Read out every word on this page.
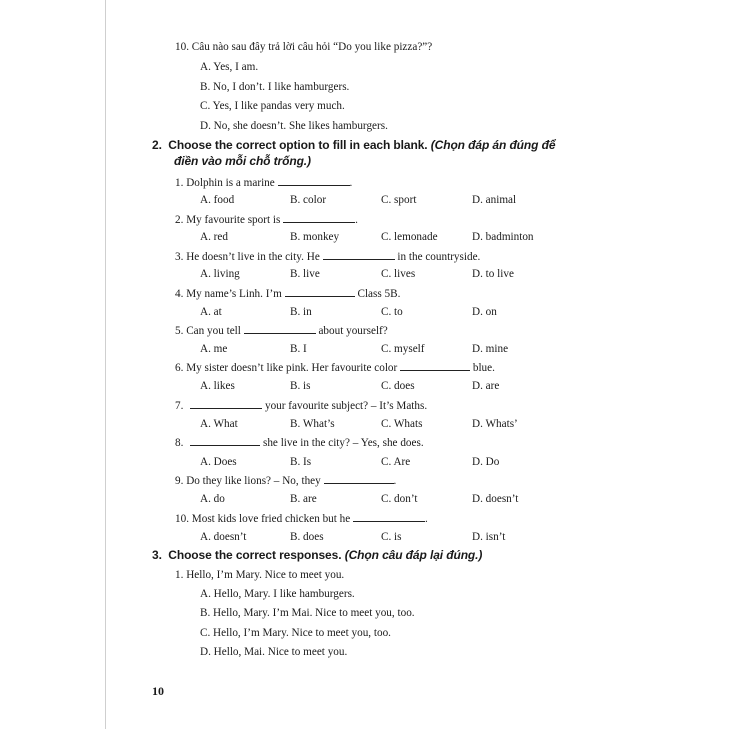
10. Câu nào sau đây trả lời câu hỏi “Do you like pizza?”?
A. Yes, I am.
B. No, I don’t. I like hamburgers.
C. Yes, I like pandas very much.
D. No, she doesn’t. She likes hamburgers.
2. Choose the correct option to fill in each blank. (Chọn đáp án đúng để
điền vào mỗi chỗ trống.)
1. Dolphin is a marine	.
A. food	B. color	C. sport	D. animal
2. My favourite sport is	.
A. red	B. monkey	C. lemonade	D. badminton
3. He doesn’t live in the city. He	in the countryside.
A. living	B. live	C. lives	D. to live
4. My name’s Linh. I’m	Class 5B.
A. at	B. in	C. to	D. on
5. Can you tell	about yourself?
A. me	B. I	C. myself	D. mine
6. My sister doesn’t like pink. Her favourite color	blue.
A. likes	B. is	C. does	D. are
7.	your favourite subject? – It’s Maths.
A. What	B. What’s	C. Whats	D. Whats’
8.	she live in the city? – Yes, she does.
A. Does	B. Is	C. Are	D. Do
9. Do they like lions? – No, they	.
A. do	B. are	C. don’t	D. doesn’t
10. Most kids love fried chicken but he	.
A. doesn’t	B. does	C. is	D. isn’t
3. Choose the correct responses. (Chọn câu đáp lại đúng.)
1. Hello, I’m Mary. Nice to meet you.
A. Hello, Mary. I like hamburgers.
B. Hello, Mary. I’m Mai. Nice to meet you, too.
C. Hello, I’m Mary. Nice to meet you, too.
D. Hello, Mai. Nice to meet you.
10
